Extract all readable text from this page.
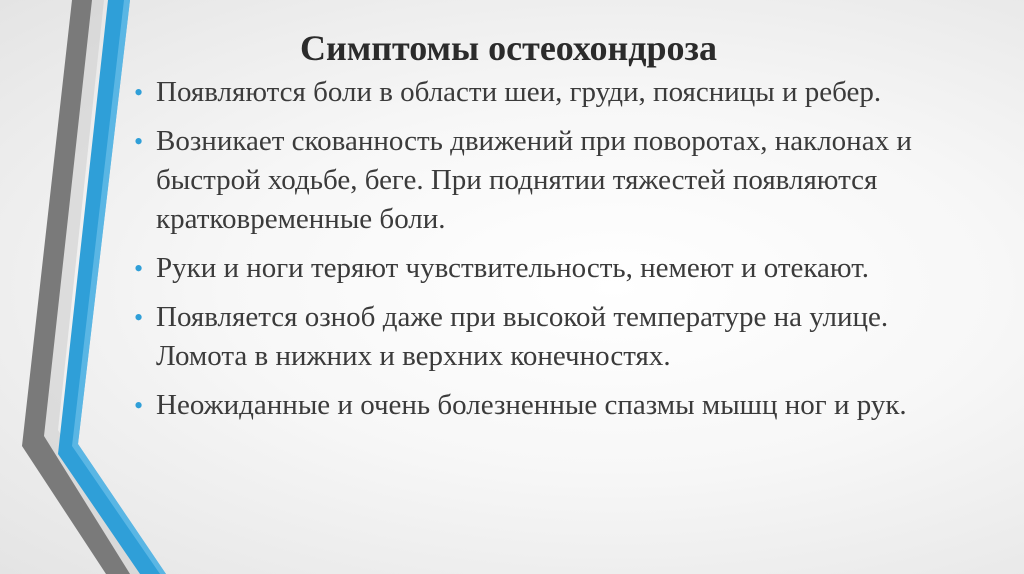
Симптомы остеохондроза
• Появляются боли в области шеи, груди, поясницы и ребер.
• Возникает скованность движений при поворотах, наклонах и быстрой ходьбе, беге. При поднятии тяжестей появляются кратковременные боли.
• Руки и ноги теряют чувствительность, немеют и отекают.
• Появляется озноб даже при высокой температуре на улице. Ломота в нижних и верхних конечностях.
• Неожиданные и очень болезненные спазмы мышц ног и рук.
